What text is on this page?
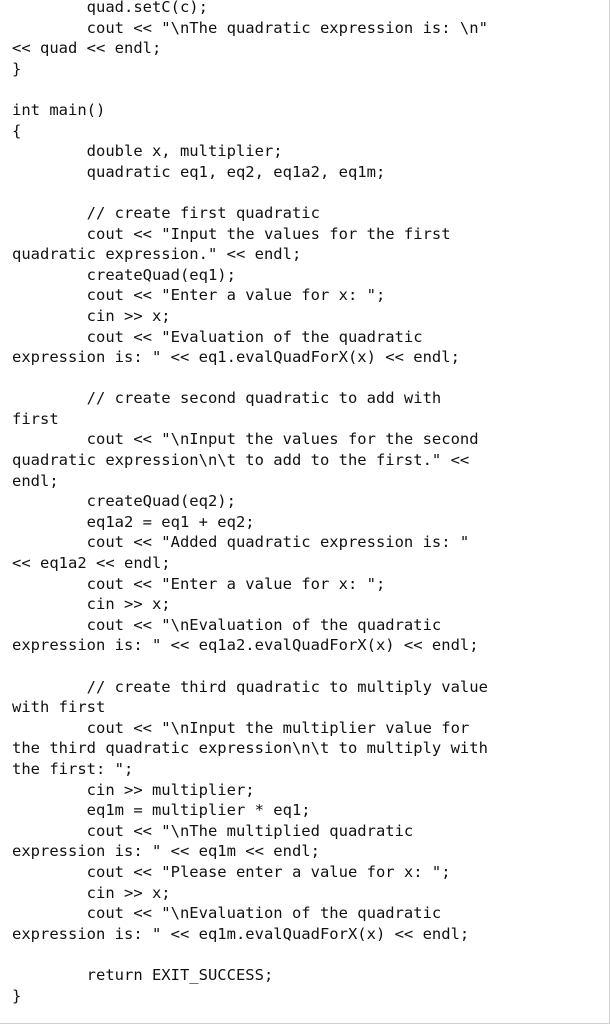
quad.setC(c);
cout << "\nThe quadratic expression is: \n"
<< quad << endl;
}
int main()
{
double x, multiplier;
quadratic eq1, eq2, eq1a2, eq1m;
// create first quadratic
cout << "Input the values for the first
quadratic expression." << endl;
createQuad(eq1);
cout << "Enter a value for x: ";
cin >> x;
cout << "Evaluation of the quadratic
expression is: " << eq1.evalQuadForX(x) << endl;
// create second quadratic to add with
first
cout << "\nInput the values for the second
quadratic expression\n\t to add to the first." <<
endl;
createQuad(eq2);
eq1a2 = eq1 + eq2;
cout << "Added quadratic expression is: "
<< eq1a2 << endl;
cout << "Enter a value for x: ";
cin >> x;
cout << "\nEvaluation of the quadratic
expression is: " << eq1a2.evalQuadForX(x) << endl;
// create third quadratic to multiply value
with first
cout << "\nInput the multiplier value for
the third quadratic expression\n\t to multiply with
the first: ";
cin >> multiplier;
eq1m = multiplier * eq1;
cout << "\nThe multiplied quadratic
expression is: " << eq1m << endl;
cout << "Please enter a value for x: ";
cin >> x;
cout << "\nEvaluation of the quadratic
expression is: " << eq1m.evalQuadForX(x) << endl;
return EXIT_SUCCESS;
}
